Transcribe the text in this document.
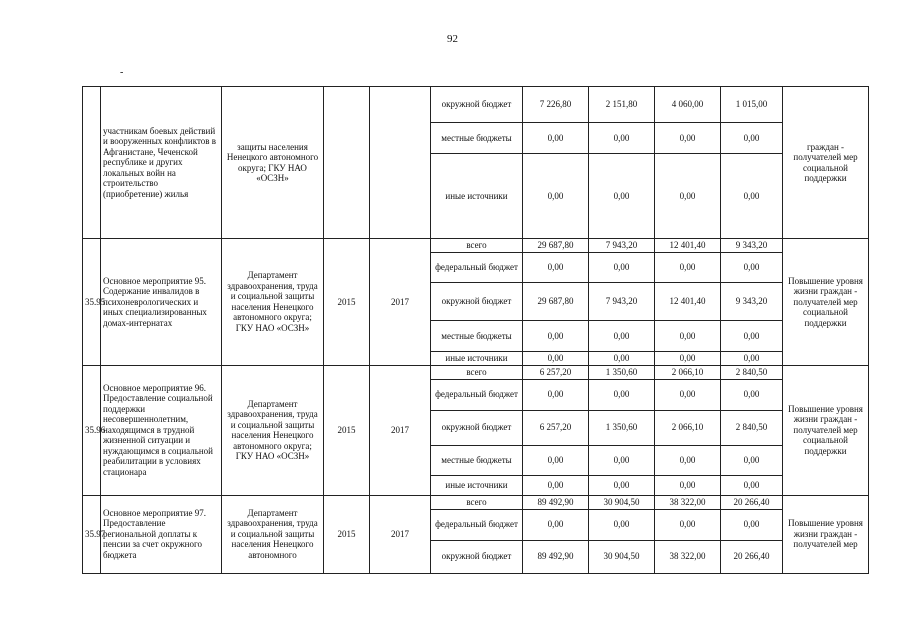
92
-
	участникам боевых действий и вооруженных конфликтов в Афганистане, Чеченской республике и других локальных войн на строительство (приобретение) жилья	защиты населения Ненецкого автономного округа; ГКУ НАО «ОСЗН»			окружной бюджет	7 226,80	2 151,80	4 060,00	1 015,00	граждан - получателей мер социальной поддержки
					местные бюджеты	0,00	0,00	0,00	0,00	
					иные источники	0,00	0,00	0,00	0,00	
35.95	Основное мероприятие 95. Содержание инвалидов в психоневрологических и иных специализированных домах-интернатах	Департамент здравоохранения, труда и социальной защиты населения Ненецкого автономного округа; ГКУ НАО «ОСЗН»	2015	2017	всего	29 687,80	7 943,20	12 401,40	9 343,20	Повышение уровня жизни граждан - получателей мер социальной поддержки
					федеральный бюджет	0,00	0,00	0,00	0,00	
					окружной бюджет	29 687,80	7 943,20	12 401,40	9 343,20	
					местные бюджеты	0,00	0,00	0,00	0,00	
					иные источники	0,00	0,00	0,00	0,00	
35.96	Основное мероприятие 96. Предоставление социальной поддержки несовершеннолетним, находящимся в трудной жизненной ситуации и нуждающимся в социальной реабилитации в условиях стационара	Департамент здравоохранения, труда и социальной защиты населения Ненецкого автономного округа; ГКУ НАО «ОСЗН»	2015	2017	всего	6 257,20	1 350,60	2 066,10	2 840,50	Повышение уровня жизни граждан - получателей мер социальной поддержки
					федеральный бюджет	0,00	0,00	0,00	0,00	
					окружной бюджет	6 257,20	1 350,60	2 066,10	2 840,50	
					местные бюджеты	0,00	0,00	0,00	0,00	
					иные источники	0,00	0,00	0,00	0,00	
35.97	Основное мероприятие 97. Предоставление региональной доплаты к пенсии за счет окружного бюджета	Департамент здравоохранения, труда и социальной защиты населения Ненецкого автономного	2015	2017	всего	89 492,90	30 904,50	38 322,00	20 266,40	Повышение уровня жизни граждан - получателей мер
					федеральный бюджет	0,00	0,00	0,00	0,00	
					окружной бюджет	89 492,90	30 904,50	38 322,00	20 266,40	
